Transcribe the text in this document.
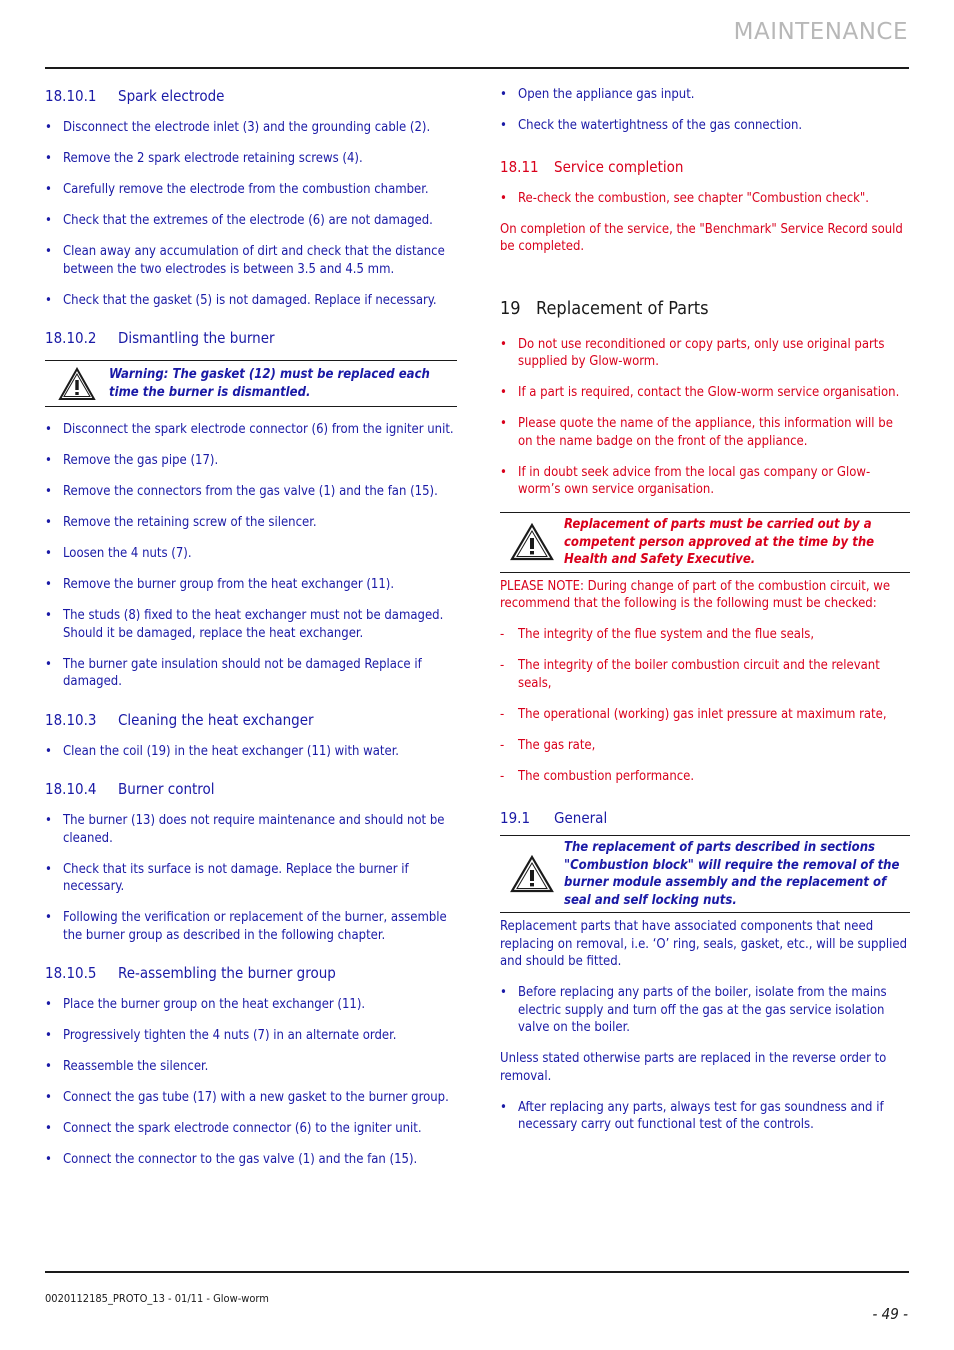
MAINTENANCE
18.10.1 Spark electrode
• Disconnect the electrode inlet (3) and the grounding cable (2).
• Remove the 2 spark electrode retaining screws (4).
• Carefully remove the electrode from the combustion chamber.
• Check that the extremes of the electrode (6) are not damaged.
• Clean away any accumulation of dirt and check that the distance between the two electrodes is between 3.5 and 4.5 mm.
• Check that the gasket (5) is not damaged. Replace if necessary.
18.10.2 Dismantling the burner
Warning: The gasket (12) must be replaced each time the burner is dismantled.
• Disconnect the spark electrode connector (6) from the igniter unit.
• Remove the gas pipe (17).
• Remove the connectors from the gas valve (1) and the fan (15).
• Remove the retaining screw of the silencer.
• Loosen the 4 nuts (7).
• Remove the burner group from the heat exchanger (11).
• The studs (8) fixed to the heat exchanger must not be damaged. Should it be damaged, replace the heat exchanger.
• The burner gate insulation should not be damaged Replace if damaged.
18.10.3 Cleaning the heat exchanger
• Clean the coil (19) in the heat exchanger (11) with water.
18.10.4 Burner control
• The burner (13) does not require maintenance and should not be cleaned.
• Check that its surface is not damage. Replace the burner if necessary.
• Following the verification or replacement of the burner, assemble the burner group as described in the following chapter.
18.10.5 Re-assembling the burner group
• Place the burner group on the heat exchanger (11).
• Progressively tighten the 4 nuts (7) in an alternate order.
• Reassemble the silencer.
• Connect the gas tube (17) with a new gasket to the burner group.
• Connect the spark electrode connector (6) to the igniter unit.
• Connect the connector to the gas valve (1) and the fan (15).
• Open the appliance gas input.
• Check the watertightness of the gas connection.
18.11 Service completion
• Re-check the combustion, see chapter "Combustion check".

On completion of the service, the "Benchmark" Service Record sould be completed.

19 Replacement of Parts
• Do not use reconditioned or copy parts, only use original parts supplied by Glow-worm.
• If a part is required, contact the Glow-worm service organisation.
• Please quote the name of the appliance, this information will be on the name badge on the front of the appliance.
• If in doubt seek advice from the local gas company or Glow-worm’s own service organisation.
Replacement of parts must be carried out by a competent person approved at the time by the Health and Safety Executive.

PLEASE NOTE: During change of part of the combustion circuit, we recommend that the following is the following must be checked:

- The integrity of the flue system and the flue seals,
- The integrity of the boiler combustion circuit and the relevant seals,
- The operational (working) gas inlet pressure at maximum rate,
- The gas rate,
- The combustion performance.
19.1 General
The replacement of parts described in sections "Combustion block" will require the removal of the burner module assembly and the replacement of seal and self locking nuts.

Replacement parts that have associated components that need replacing on removal, i.e. ‘O’ ring, seals, gasket, etc., will be supplied and should be fitted.

• Before replacing any parts of the boiler, isolate from the mains electric supply and turn off the gas at the gas service isolation valve on the boiler.

Unless stated otherwise parts are replaced in the reverse order to removal.

• After replacing any parts, always test for gas soundness and if necessary carry out functional test of the controls.
0020112185_PROTO_13 - 01/11 - Glow-worm
- 49 -
